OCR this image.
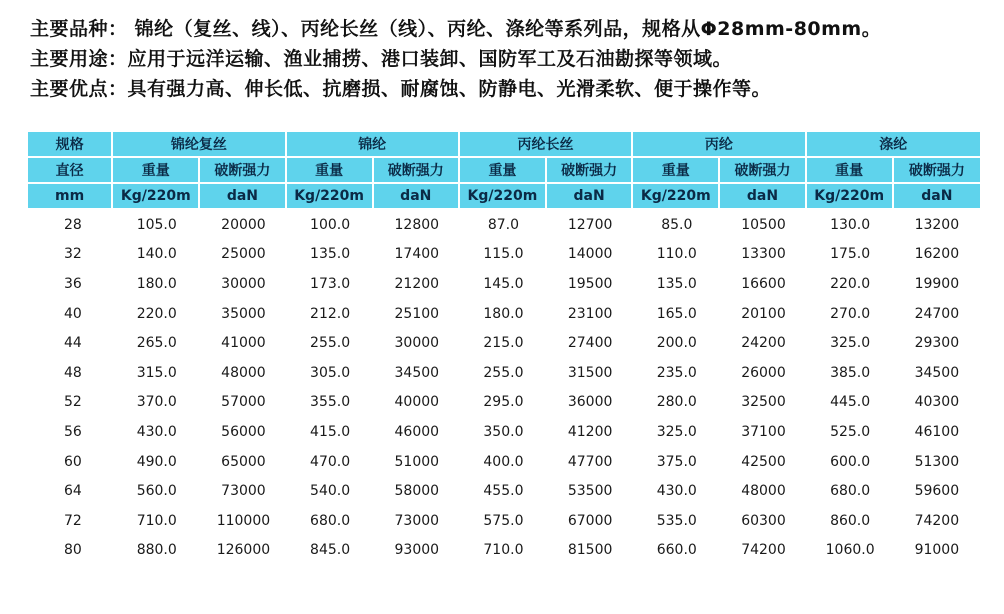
主要品种： 锦纶（复丝、线）、丙纶长丝（线）、丙纶、涤纶等系列品，规格从Φ28mm-80mm。
主要用途：应用于远洋运输、渔业捕捞、港口装卸、国防军工及石油勘探等领域。
主要优点：具有强力高、伸长低、抗磨损、耐腐蚀、防静电、光滑柔软、便于操作等。
规格	锦纶复丝		锦纶		丙纶长丝		丙纶		涤纶	
直径	重量	破断强力	重量	破断强力	重量	破断强力	重量	破断强力	重量	破断强力
mm	Kg/220m	daN	Kg/220m	daN	Kg/220m	daN	Kg/220m	daN	Kg/220m	daN
28	105.0	20000	100.0	12800	87.0	12700	85.0	10500	130.0	13200
32	140.0	25000	135.0	17400	115.0	14000	110.0	13300	175.0	16200
36	180.0	30000	173.0	21200	145.0	19500	135.0	16600	220.0	19900
40	220.0	35000	212.0	25100	180.0	23100	165.0	20100	270.0	24700
44	265.0	41000	255.0	30000	215.0	27400	200.0	24200	325.0	29300
48	315.0	48000	305.0	34500	255.0	31500	235.0	26000	385.0	34500
52	370.0	57000	355.0	40000	295.0	36000	280.0	32500	445.0	40300
56	430.0	56000	415.0	46000	350.0	41200	325.0	37100	525.0	46100
60	490.0	65000	470.0	51000	400.0	47700	375.0	42500	600.0	51300
64	560.0	73000	540.0	58000	455.0	53500	430.0	48000	680.0	59600
72	710.0	110000	680.0	73000	575.0	67000	535.0	60300	860.0	74200
80	880.0	126000	845.0	93000	710.0	81500	660.0	74200	1060.0	91000
